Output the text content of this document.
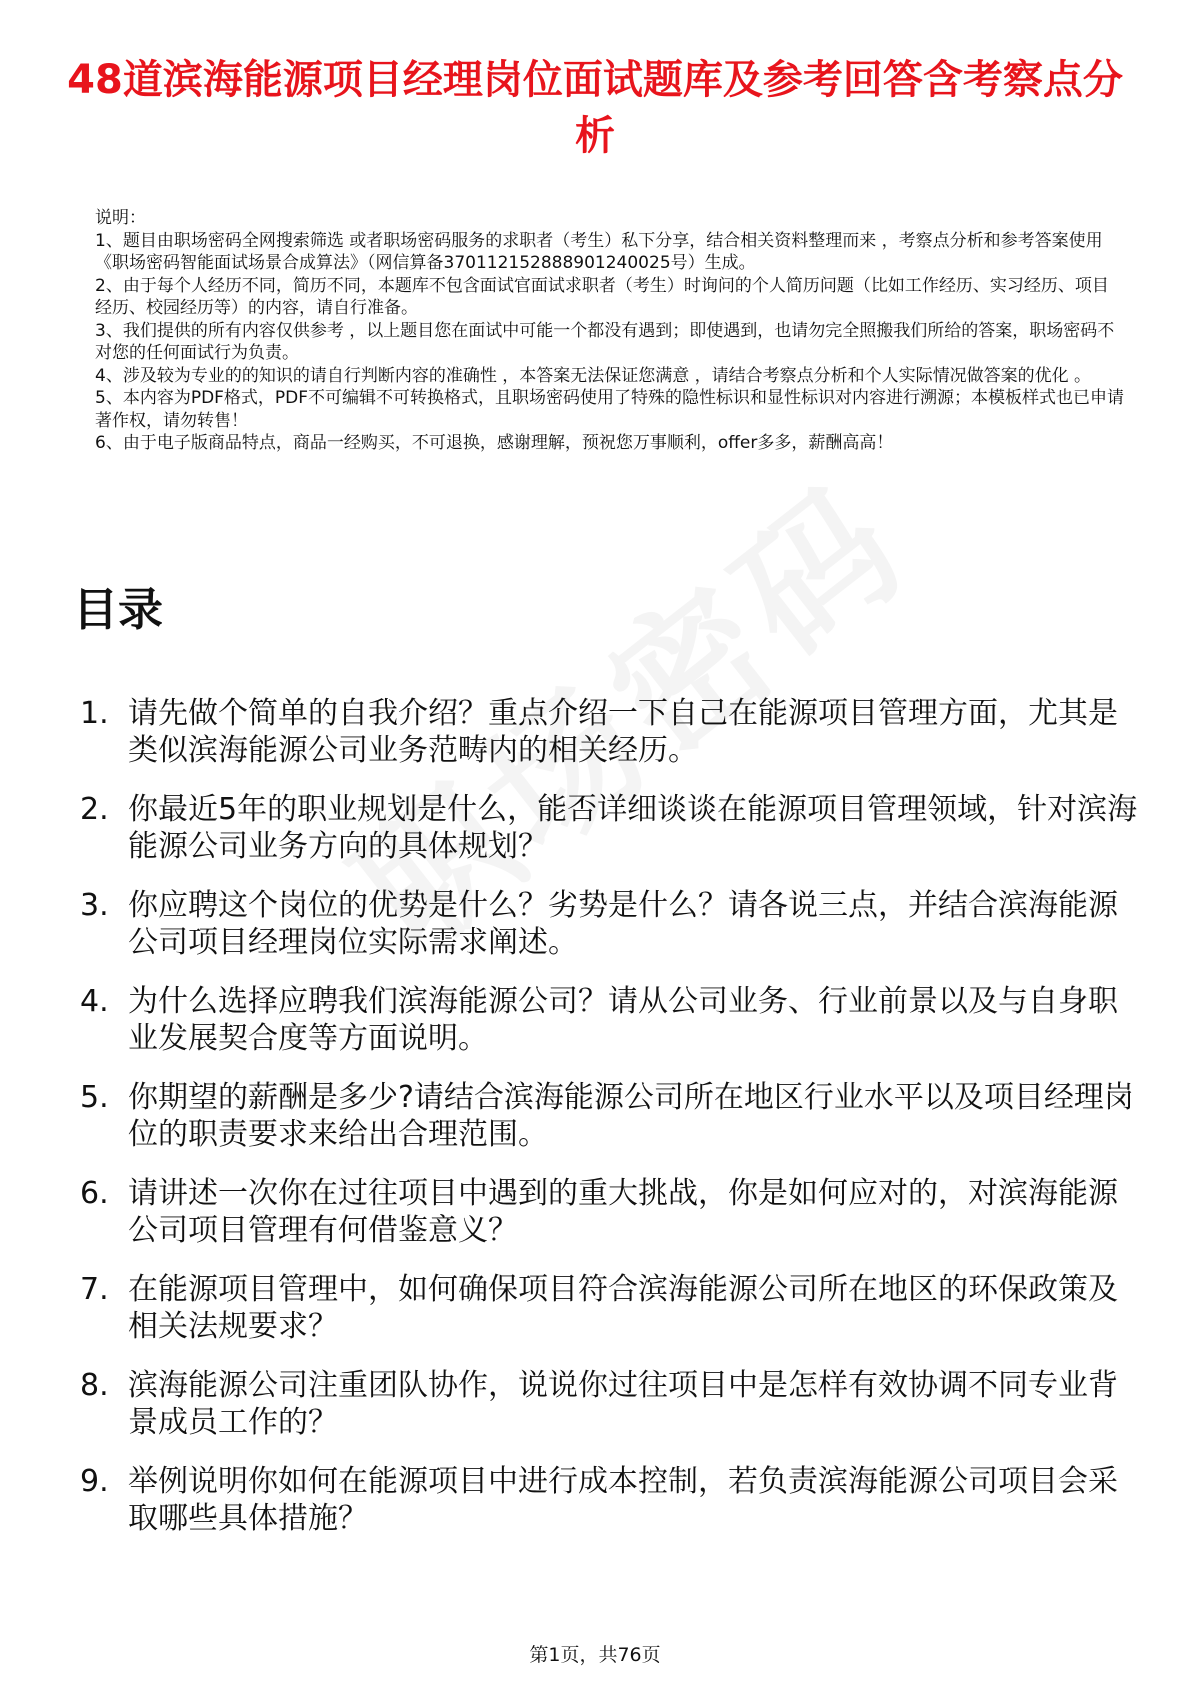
48道滨海能源项目经理岗位面试题库及参考回答含考察点分析

说明：

1、题目由职场密码全网搜索筛选 或者职场密码服务的求职者（考生）私下分享，结合相关资料整理而来 ，考察点分析和参考答案使用《职场密码智能面试场景合成算法》（网信算备370112152888901240025号）生成。

2、由于每个人经历不同，简历不同，本题库不包含面试官面试求职者（考生）时询问的个人简历问题（比如工作经历、实习经历、项目经历、校园经历等）的内容，请自行准备。

3、我们提供的所有内容仅供参考 ，以上题目您在面试中可能一个都没有遇到；即使遇到，也请勿完全照搬我们所给的答案，职场密码不对您的任何面试行为负责。

4、涉及较为专业的的知识的请自行判断内容的准确性 ，本答案无法保证您满意 ，请结合考察点分析和个人实际情况做答案的优化 。

5、本内容为PDF格式，PDF不可编辑不可转换格式，且职场密码使用了特殊的隐性标识和显性标识对内容进行溯源；本模板样式也已申请著作权，请勿转售！

6、由于电子版商品特点，商品一经购买，不可退换，感谢理解，预祝您万事顺利，offer多多，薪酬高高！

目录
1. 请先做个简单的自我介绍？重点介绍一下自己在能源项目管理方面，尤其是类似滨海能源公司业务范畴内的相关经历。
2. 你最近5年的职业规划是什么，能否详细谈谈在能源项目管理领域，针对滨海能源公司业务方向的具体规划？
3. 你应聘这个岗位的优势是什么？劣势是什么？请各说三点，并结合滨海能源公司项目经理岗位实际需求阐述。
4. 为什么选择应聘我们滨海能源公司？请从公司业务、行业前景以及与自身职业发展契合度等方面说明。
5. 你期望的薪酬是多少?请结合滨海能源公司所在地区行业水平以及项目经理岗位的职责要求来给出合理范围。
6. 请讲述一次你在过往项目中遇到的重大挑战，你是如何应对的，对滨海能源公司项目管理有何借鉴意义？
7. 在能源项目管理中，如何确保项目符合滨海能源公司所在地区的环保政策及相关法规要求？
8. 滨海能源公司注重团队协作，说说你过往项目中是怎样有效协调不同专业背景成员工作的？
9. 举例说明你如何在能源项目中进行成本控制，若负责滨海能源公司项目会采取哪些具体措施？
第1页，共76页
